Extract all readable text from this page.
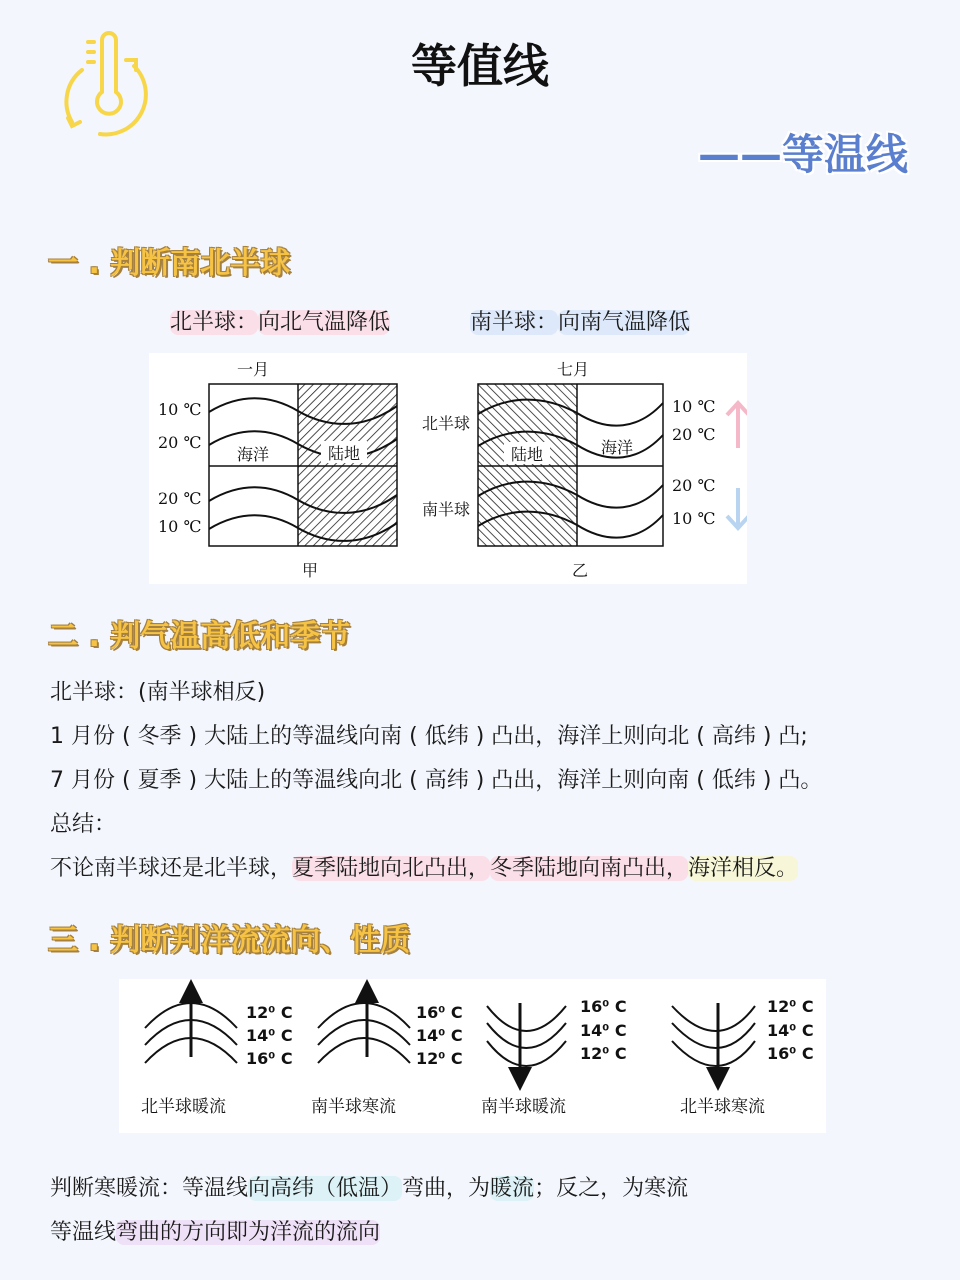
等值线
——等温线
一 . 判断南北半球
北半球：向北气温降低	南半球：向南气温降低
一月
甲
海洋	陆地
10 ℃
20 ℃
20 ℃
10 ℃
七月
乙
陆地	海洋
北半球
南半球
10 ℃
20 ℃
20 ℃
10 ℃
二 . 判气温高低和季节
北半球：(南半球相反)
1 月份 ( 冬季 ) 大陆上的等温线向南 ( 低纬 ) 凸出，海洋上则向北 ( 高纬 ) 凸;
7 月份 ( 夏季 ) 大陆上的等温线向北 ( 高纬 ) 凸出，海洋上则向南 ( 低纬 ) 凸。
总结：
不论南半球还是北半球，夏季陆地向北凸出，冬季陆地向南凸出，海洋相反。
三 . 判断判洋流流向、性质
12⁰ C
14⁰ C
16⁰ C
16⁰ C
14⁰ C
12⁰ C
16⁰ C
14⁰ C
12⁰ C
12⁰ C
14⁰ C
16⁰ C
北半球暖流	南半球寒流	南半球暖流	北半球寒流
判断寒暖流：等温线向高纬（低温）弯曲，为暖流；反之，为寒流
等温线弯曲的方向即为洋流的流向
